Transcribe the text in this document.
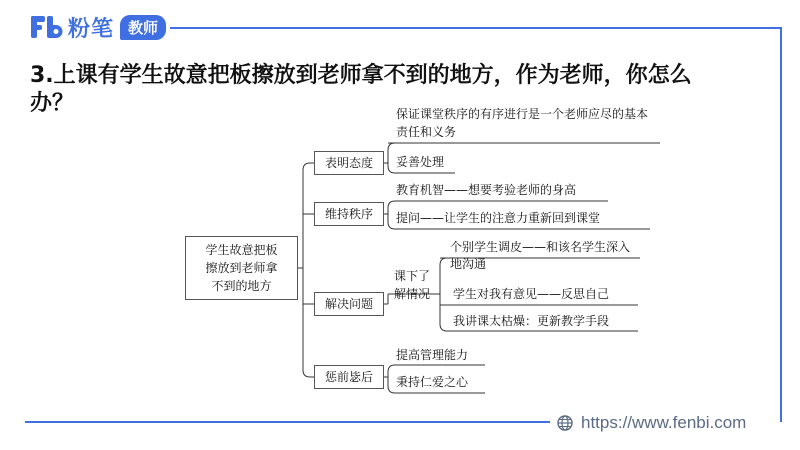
粉笔 教师
3.上课有学生故意把板擦放到老师拿不到的地方，作为老师，你怎么办？
学生故意把板擦放到老师拿不到的地方
表明态度
维持秩序
解决问题
惩前毖后
保证课堂秩序的有序进行是一个老师应尽的基本责任和义务
妥善处理
教育机智——想要考验老师的身高
提问——让学生的注意力重新回到课堂
课下了解情况
个别学生调皮——和该名学生深入地沟通
学生对我有意见——反思自己
我讲课太枯燥：更新教学手段
提高管理能力
秉持仁爱之心
https://www.fenbi.com
